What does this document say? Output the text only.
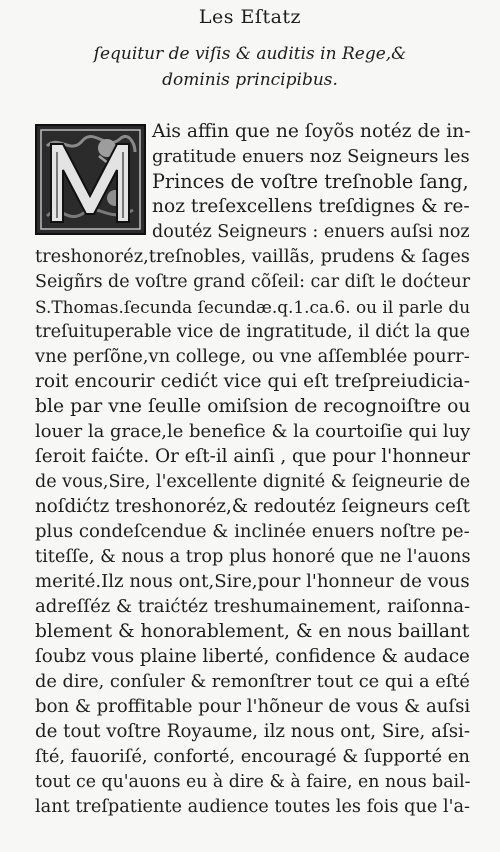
Les Eſtatz
ſequitur de viſis & auditis in Rege,&
dominis principibus.
Ais affin que ne ſoyõs notéz de in-
gratitude enuers noz Seigneurs les
Princes de voſtre treſnoble ſang,
noz treſexcellens treſdignes & re-
doutéz Seigneurs : enuers auſsi noz
treshonoréz,treſnobles, vaillãs, prudens & ſages
Seigñrs de voſtre grand cõſeil: car diſt le doćteur
S.Thomas.ſecunda ſecundæ.q.1.ca.6. ou il parle du
treſuituperable vice de ingratitude, il dićt la que
vne perſõne,vn college, ou vne aſſemblée pourr-
roit encourir cedićt vice qui eſt treſpreiudicia-
ble par vne ſeulle omiſsion de recognoiſtre ou
louer la grace,le benefice & la courtoiſie qui luy
ſeroit faićte. Or eſt-il ainſi , que pour l'honneur
de vous,Sire, l'excellente dignité & ſeigneurie de
noſdićtz treshonoréz,& redoutéz ſeigneurs ceſt
plus condeſcendue & inclinée enuers noſtre pe-
titeſſe, & nous a trop plus honoré que ne l'auons
merité.Ilz nous ont,Sire,pour l'honneur de vous
adreſſéz & traićtéz treshumainement, raiſonna-
blement & honorablement, & en nous baillant
ſoubz vous plaine liberté, confidence & audace
de dire, conſuler & remonſtrer tout ce qui a eſté
bon & proffitable pour l'hõneur de vous & auſsi
de tout voſtre Royaume, ilz nous ont, Sire, aſsi-
ſté, fauoriſé, conforté, encouragé & ſupporté en
tout ce qu'auons eu à dire & à faire, en nous bail-
lant treſpatiente audience toutes les fois que l'a-
